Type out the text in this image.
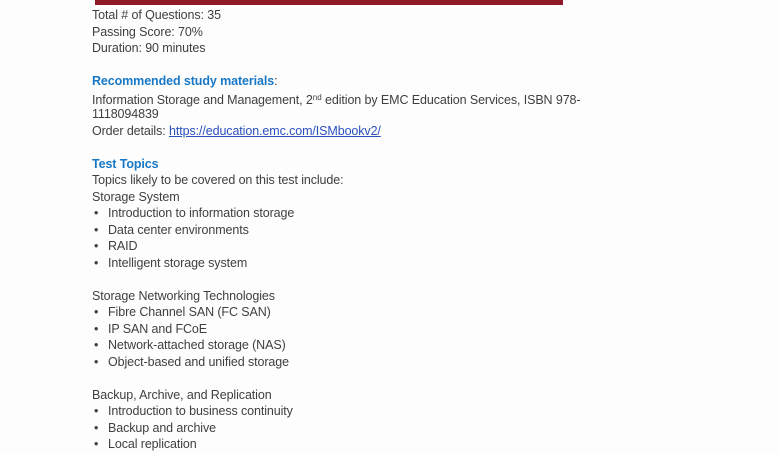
Total # of Questions: 35
Passing Score: 70%
Duration: 90 minutes
Recommended study materials:
Information Storage and Management, 2nd edition by EMC Education Services, ISBN 978-
1118094839
Order details: https://education.emc.com/ISMbookv2/
Test Topics
Topics likely to be covered on this test include:
Storage System
• Introduction to information storage
• Data center environments
• RAID
• Intelligent storage system
Storage Networking Technologies
• Fibre Channel SAN (FC SAN)
• IP SAN and FCoE
• Network-attached storage (NAS)
• Object-based and unified storage
Backup, Archive, and Replication
• Introduction to business continuity
• Backup and archive
• Local replication
